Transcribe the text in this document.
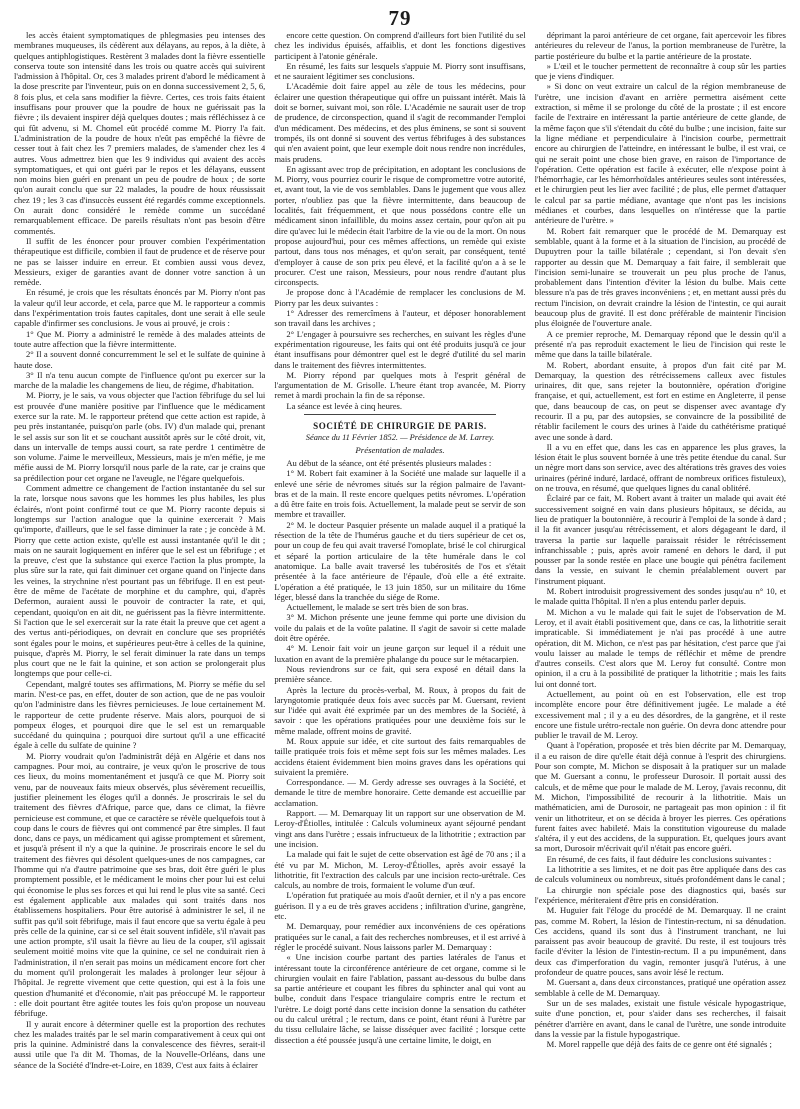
79

les accès étaient symptomatiques de phlegmasies peu intenses des membranes muqueuses, ils cédèrent aux délayans, au repos, à la diète, à quelques antiphlogistiques. Restèrent 3 malades dont la fièvre essentielle conserva toute son intensité dans les trois ou quatre accès qui suivirent l'admission à l'hôpital. Or, ces 3 malades prirent d'abord le médicament à la dose prescrite par l'inventeur, puis on en donna successivement 2, 5, 6, 8 fois plus, et cela sans modifier la fièvre. Certes, ces trois faits étaient insuffisans pour prouver que la poudre de houx ne guérissait pas la fièvre ; ils devaient inspirer déjà quelques doutes ; mais réfléchissez à ce qui fût advenu, si M. Chomel eût procédé comme M. Piorry l'a fait. L'administration de la poudre de houx n'eût pas empêché la fièvre de cesser tout à fait chez les 7 premiers malades, de s'amender chez les 4 autres. Vous admettrez bien que les 9 individus qui avaient des accès symptomatiques, et qui ont guéri par le repos et les délayans, eussent non moins bien guéri en prenant un peu de poudre de houx ; de sorte qu'on aurait conclu que sur 22 malades, la poudre de houx réussissait chez 19 ; les 3 cas d'insuccès eussent été regardés comme exceptionnels. On aurait donc considéré le remède comme un succédané remarquablement efficace. De pareils résultats n'ont pas besoin d'être commentés.

Il suffit de les énoncer pour prouver combien l'expérimentation thérapeutique est difficile, combien il faut de prudence et de réserve pour ne pas se laisser induire en erreur. Et combien aussi vous devez, Messieurs, exiger de garanties avant de donner votre sanction à un remède.

En résumé, je crois que les résultats énoncés par M. Piorry n'ont pas la valeur qu'il leur accorde, et cela, parce que M. le rapporteur a commis dans l'expérimentation trois fautes capitales, dont une serait à elle seule capable d'infirmer ses conclusions. Je vous ai prouvé, je crois :

1° Que M. Piorry a administré le remède à des malades atteints de toute autre affection que la fièvre intermittente.

2° Il a souvent donné concurremment le sel et le sulfate de quinine à haute dose.

3° Il n'a tenu aucun compte de l'influence qu'ont pu exercer sur la marche de la maladie les changemens de lieu, de régime, d'habitation.

M. Piorry, je le sais, va vous objecter que l'action fébrifuge du sel lui est prouvée d'une manière positive par l'influence que le médicament exerce sur la rate. M. le rapporteur prétend que cette action est rapide, à peu près instantanée, puisqu'on parle (obs. IV) d'un malade qui, prenant le sel assis sur son lit et se couchant aussitôt après sur le côté droit, vit, dans un intervalle de temps aussi court, sa rate perdre 1 centimètre de son volume. J'aime le merveilleux, Messieurs, mais je m'en méfie, je me méfie aussi de M. Piorry lorsqu'il nous parle de la rate, car je crains que sa prédilection pour cet organe ne l'aveugle, ne l'égare quelquefois.

Comment admettre ce changement de l'action instantanée du sel sur la rate, lorsque nous savons que les hommes les plus habiles, les plus éclairés, n'ont point confirmé tout ce que M. Piorry raconte depuis si longtemps sur l'action analogue que la quinine exercerait ? Mais qu'importe, d'ailleurs, que le sel fasse diminuer la rate ; je concède à M. Piorry que cette action existe, qu'elle est aussi instantanée qu'il le dit ; mais on ne saurait logiquement en inférer que le sel est un fébrifuge ; et la preuve, c'est que la substance qui exerce l'action la plus prompte, la plus sûre sur la rate, qui fait diminuer cet organe quand on l'injecte dans les veines, la strychnine n'est pourtant pas un fébrifuge. Il en est peut-être de même de l'acétate de morphine et du camphre, qui, d'après Defermon, auraient aussi le pouvoir de contracter la rate, et qui, cependant, quoiqu'on en ait dit, ne guérissent pas la fièvre intermittente. Si l'action que le sel exercerait sur la rate était la preuve que cet agent a des vertus anti-périodiques, on devrait en conclure que ses propriétés sont égales pour le moins, et supérieures peut-être à celles de la quinine, puisque, d'après M. Piorry, le sel ferait diminuer la rate dans un temps plus court que ne le fait la quinine, et son action se prolongerait plus longtemps que pour celle-ci.

Cependant, malgré toutes ses affirmations, M. Piorry se méfie du sel marin. N'est-ce pas, en effet, douter de son action, que de ne pas vouloir qu'on l'administre dans les fièvres pernicieuses. Je loue certainement M. le rapporteur de cette prudente réserve. Mais alors, pourquoi de si pompeux éloges, et pourquoi dire que le sel est un remarquable succédané du quinquina ; pourquoi dire surtout qu'il a une efficacité égale à celle du sulfate de quinine ?

M. Piorry voudrait qu'on l'administrât déjà en Algérie et dans nos campagnes. Pour moi, au contraire, je veux qu'on le proscrive de tous ces lieux, du moins momentanément et jusqu'à ce que M. Piorry soit venu, par de nouveaux faits mieux observés, plus sévèrement recueillis, justifier pleinement les éloges qu'il a donnés. Je proscrirais le sel du traitement des fièvres d'Afrique, parce que, dans ce climat, la fièvre pernicieuse est commune, et que ce caractère se révèle quelquefois tout à coup dans le cours de fièvres qui ont commencé par être simples. Il faut donc, dans ce pays, un médicament qui agisse promptement et sûrement, et jusqu'à présent il n'y a que la quinine. Je proscrirais encore le sel du traitement des fièvres qui désolent quelques-unes de nos campagnes, car l'homme qui n'a d'autre patrimoine que ses bras, doit être guéri le plus promptement possible, et le médicament le moins cher pour lui est celui qui économise le plus ses forces et qui lui rend le plus vite sa santé. Ceci est également applicable aux malades qui sont traités dans nos établissemens hospitaliers. Pour être autorisé à administrer le sel, il ne suffit pas qu'il soit fébrifuge, mais il faut encore que sa vertu égale à peu près celle de la quinine, car si ce sel était souvent infidèle, s'il n'avait pas une action prompte, s'il usait la fièvre au lieu de la couper, s'il agissait seulement moitié moins vite que la quinine, ce sel ne conduirait rien à l'administration, il n'en serait pas moins un médicament encore fort cher du moment qu'il prolongerait les malades à prolonger leur séjour à l'hôpital. Je regrette vivement que cette question, qui est à la fois une question d'humanité et d'économie, n'ait pas préoccupé M. le rapporteur : elle doit pourtant être agitée toutes les fois qu'on propose un nouveau fébrifuge.

Il y aurait encore à déterminer quelle est la proportion des rechutes chez les malades traités par le sel marin comparativement à ceux qui ont pris la quinine. Administré dans la convalescence des fièvres, serait-il aussi utile que l'a dit M. Thomas, de la Nouvelle-Orléans, dans une séance de la Société d'Indre-et-Loire, en 1839, C'est aux faits à éclairer

encore cette question. On comprend d'ailleurs fort bien l'utilité du sel chez les individus épuisés, affaiblis, et dont les fonctions digestives participent à l'atonie générale.

En résumé, les faits sur lesquels s'appuie M. Piorry sont insuffisans, et ne sauraient légitimer ses conclusions.

L'Académie doit faire appel au zèle de tous les médecins, pour éclairer une question thérapeutique qui offre un puissant intérêt. Mais là doit se borner, suivant moi, son rôle. L'Académie ne saurait user de trop de prudence, de circonspection, quand il s'agit de recommander l'emploi d'un médicament. Des médecins, et des plus éminens, se sont si souvent trompés, ils ont donné si souvent des vertus fébrifuges à des substances qui n'en avaient point, que leur exemple doit nous rendre non incrédules, mais prudens.

En agissant avec trop de précipitation, en adoptant les conclusions de M. Piorry, vous pourriez courir le risque de compromettre votre autorité, et, avant tout, la vie de vos semblables. Dans le jugement que vous allez porter, n'oubliez pas que la fièvre intermittente, dans beaucoup de localités, fait fréquemment, et que nous possédons contre elle un médicament sinon infaillible, du moins assez certain, pour qu'on ait pu dire qu'avec lui le médecin était l'arbitre de la vie ou de la mort. On nous propose aujourd'hui, pour ces mêmes affections, un remède qui existe partout, dans tous nos ménages, et qu'on serait, par conséquent, tenté d'employer à cause de son prix peu élevé, et la facilité qu'on a à se le procurer. C'est une raison, Messieurs, pour nous rendre d'autant plus circonspects.

Je propose donc à l'Académie de remplacer les conclusions de M. Piorry par les deux suivantes :

1° Adresser des remercîmens à l'auteur, et déposer honorablement son travail dans les archives ;

2° L'engager à poursuivre ses recherches, en suivant les règles d'une expérimentation rigoureuse, les faits qui ont été produits jusqu'à ce jour étant insuffisans pour démontrer quel est le degré d'utilité du sel marin dans le traitement des fièvres intermittentes.

M. Piorry répond par quelques mots à l'esprit général de l'argumentation de M. Grisolle. L'heure étant trop avancée, M. Piorry remet à mardi prochain la fin de sa réponse.

La séance est levée à cinq heures.

SOCIÉTÉ DE CHIRURGIE DE PARIS.
Séance du 11 Février 1852. — Présidence de M. Larrey.
Présentation de malades.

Au début de la séance, ont été présentés plusieurs malades :

1° M. Robert fait examiner à la Société une malade sur laquelle il a enlevé une série de névromes situés sur la région palmaire de l'avant-bras et de la main. Il reste encore quelques petits névromes. L'opération a dû être faite en trois fois. Actuellement, la malade peut se servir de son membre et travailler.

2° M. le docteur Pasquier présente un malade auquel il a pratiqué la résection de la tête de l'humérus gauche et du tiers supérieur de cet os, pour un coup de feu qui avait traversé l'omoplate, brisé le col chirurgical et séparé la portion articulaire de la tête humérale dans le col anatomique. La balle avait traversé les tubérosités de l'os et s'était présentée à la face antérieure de l'épaule, d'où elle a été extraite. L'opération a été pratiquée, le 13 juin 1850, sur un militaire du 16me léger, blessé dans la tranchée du siége de Rome.

Actuellement, le malade se sert très bien de son bras.

3° M. Michon présente une jeune femme qui porte une division du voile du palais et de la voûte palatine. Il s'agit de savoir si cette malade doit être opérée.

4° M. Lenoir fait voir un jeune garçon sur lequel il a réduit une luxation en avant de la première phalange du pouce sur le métacarpien.

Nous reviendrons sur ce fait, qui sera exposé en détail dans la première séance.

Après la lecture du procès-verbal, M. Roux, à propos du fait de laryngotomie pratiquée deux fois avec succès par M. Guersant, revient sur l'idée qui avait été exprimée par un des membres de la Société, à savoir : que les opérations pratiquées pour une deuxième fois sur le même malade, offrent moins de gravité.

M. Roux appuie sur idée, et cite surtout des faits remarquables de taille pratiquée trois fois et même sept fois sur les mêmes malades. Les accidens étaient évidemment bien moins graves dans les opérations qui suivaient la première.

Correspondance. — M. Gerdy adresse ses ouvrages à la Société, et demande le titre de membre honoraire. Cette demande est accueillie par acclamation.

Rapport. — M. Demarquay lit un rapport sur une observation de M. Leroy-d'Étiolles, intitulée : Calculs volumineux ayant séjourné pendant vingt ans dans l'urètre ; essais infructueux de la lithotritie ; extraction par une incision.

La malade qui fait le sujet de cette observation est âgé de 70 ans ; il a été vu par M. Michon, M. Leroy-d'Étiolles, après avoir essayé la lithotritie, fit l'extraction des calculs par une incision recto-urétrale. Ces calculs, au nombre de trois, formaient le volume d'un œuf.

L'opération fut pratiquée au mois d'août dernier, et il n'y a pas encore guérison. Il y a eu de très graves accidens ; infiltration d'urine, gangrène, etc.

M. Demarquay, pour remédier aux inconvéniens de ces opérations pratiquées sur le canal, a fait des recherches nombreuses, et il est arrivé à régler le procédé suivant. Nous laissons parler M. Demarquay :

« Une incision courbe partant des parties latérales de l'anus et intéressant toute la circonférence antérieure de cet organe, comme si le chirurgien voulait en faire l'ablation, passant au-dessous du bulbe dans sa partie antérieure et coupant les fibres du sphincter anal qui vont au bulbe, conduit dans l'espace triangulaire compris entre le rectum et l'urètre. Le doigt porté dans cette incision donne la sensation du cathéter ou du calcul urétral ; le rectum, dans ce point, étant réuni à l'urètre par du tissu cellulaire lâche, se laisse disséquer avec facilité ; lorsque cette dissection a été poussée jusqu'à une certaine limite, le doigt, en

déprimant la paroi antérieure de cet organe, fait apercevoir les fibres antérieures du releveur de l'anus, la portion membraneuse de l'urètre, la partie postérieure du bulbe et la partie antérieure de la prostate.

» L'œil et le toucher permettent de reconnaître à coup sûr les parties que je viens d'indiquer.

» Si donc on veut extraire un calcul de la région membraneuse de l'urètre, une incision d'avant en arrière permettra aisément cette extraction, si même il se prolonge du côté de la prostate ; il est encore facile de l'extraire en intéressant la partie antérieure de cette glande, de la même façon que s'il s'étendait du côté du bulbe ; une incision, faite sur la ligne médiane et perpendiculaire à l'incision courbe, permettrait encore au chirurgien de l'atteindre, en intéressant le bulbe, il est vrai, ce qui ne serait point une chose bien grave, en raison de l'importance de l'opération. Cette opération est facile à exécuter, elle n'expose point à l'hémorrhagie, car les hémorrhoïdales antérieures seules sont intéressées, et le chirurgien peut les lier avec facilité ; de plus, elle permet d'attaquer le calcul par sa partie médiane, avantage que n'ont pas les incisions médianes et courbes, dans lesquelles on n'intéresse que la partie antérieure de l'urètre. »

M. Robert fait remarquer que le procédé de M. Demarquay est semblable, quant à la forme et à la situation de l'incision, au procédé de Dupuytren pour la taille bilatérale ; cependant, si l'on devait s'en rapporter au dessin que M. Demarquay a fait faire, il semblerait que l'incision semi-lunaire se trouverait un peu plus proche de l'anus, probablement dans l'intention d'éviter la lésion du bulbe. Mais cette blessure n'a pas de très graves inconvéniens ; et, en mettant aussi près du rectum l'incision, on devrait craindre la lésion de l'intestin, ce qui aurait beaucoup plus de gravité. Il est donc préférable de maintenir l'incision plus éloignée de l'ouverture anale.

A ce premier reproche, M. Demarquay répond que le dessin qu'il a présenté n'a pas reproduit exactement le lieu de l'incision qui reste le même que dans la taille bilatérale.

M. Robert, abordant ensuite, à propos d'un fait cité par M. Demarquay, la question des rétrécissemens calleux avec fistules urinaires, dit que, sans rejeter la boutonnière, opération d'origine française, et qui, actuellement, est fort en estime en Angleterre, il pense que, dans beaucoup de cas, on peut se dispenser avec avantage d'y recourir. Il a pu, par des autopsies, se convaincre de la possibilité de rétablir facilement le cours des urines à l'aide du cathétérisme pratiqué avec une sonde à dard.

Il a vu en effet que, dans les cas en apparence les plus graves, la lésion était le plus souvent bornée à une très petite étendue du canal. Sur un nègre mort dans son service, avec des altérations très graves des voies urinaires (périné induré, lardacé, offrant de nombreux orifices fistuleux), on ne trouva, en résumé, que quelques lignes du canal oblitéré.

Éclairé par ce fait, M. Robert avant à traiter un malade qui avait été successivement soigné en vain dans plusieurs hôpitaux, se décida, au lieu de pratiquer la boutonnière, à recourir à l'emploi de la sonde à dard ; il la fit avancer jusqu'au rétrécissement, et alors dégageant le dard, il traversa la partie sur laquelle paraissait résider le rétrécissement infranchissable ; puis, après avoir ramené en dehors le dard, il put pousser par la sonde restée en place une bougie qui pénétra facilement dans la vessie, en suivant le chemin préalablement ouvert par l'instrument piquant.

M. Robert introduisit progressivement des sondes jusqu'au n° 10, et le malade quitta l'hôpital. Il n'en a plus entendu parler depuis.

M. Michon a vu le malade qui fait le sujet de l'observation de M. Leroy, et il avait établi positivement que, dans ce cas, la lithotritie serait impraticable. Si immédiatement je n'ai pas procédé à une autre opération, dit M. Michon, ce n'est pas par hésitation, c'est parce que j'ai voulu laisser au malade le temps de réfléchir et même de prendre d'autres conseils. C'est alors que M. Leroy fut consulté. Contre mon opinion, il a cru à la possibilité de pratiquer la lithotritie ; mais les faits lui ont donné tort.

Actuellement, au point où en est l'observation, elle est trop incomplète encore pour être définitivement jugée. Le malade a été excessivement mal ; il y a eu des désordres, de la gangrène, et il reste encore une fistule urétro-rectale non guérie. On devra donc attendre pour publier le travail de M. Leroy.

Quant à l'opération, proposée et très bien décrite par M. Demarquay, il a eu raison de dire qu'elle était déjà connue à l'esprit des chirurgiens. Pour son compte, M. Michon se disposait à la pratiquer sur un malade que M. Guersant a connu, le professeur Durosoir. Il portait aussi des calculs, et de même que pour le malade de M. Leroy, j'avais reconnu, dit M. Michon, l'impossibilité de recourir à la lithotritie. Mais un mathématicien, ami de Durosoir, ne partageait pas mon opinion : il fit venir un lithotriteur, et on se décida à broyer les pierres. Ces opérations furent faites avec habileté. Mais la constitution vigoureuse du malade s'altéra, il y eut des accidens, de la suppuration. Et, quelques jours avant sa mort, Durosoir m'écrivait qu'il n'était pas encore guéri.

En résumé, de ces faits, il faut déduire les conclusions suivantes :

La lithotritie a ses limites, et ne doit pas être appliquée dans des cas de calculs volumineux ou nombreux, situés profondément dans le canal ;

La chirurgie non spéciale pose des diagnostics qui, basés sur l'expérience, mériteraient d'être pris en considération.

M. Huguier fait l'éloge du procédé de M. Demarquay. Il ne craint pas, comme M. Robert, la lésion de l'intestin-rectum, ni sa dénudation. Ces accidens, quand ils sont dus à l'instrument tranchant, ne lui paraissent pas avoir beaucoup de gravité. Du reste, il est toujours très facile d'éviter la lésion de l'intestin-rectum. Il a pu impunément, dans deux cas d'imperforation du vagin, remonter jusqu'à l'utérus, à une profondeur de quatre pouces, sans avoir lésé le rectum.

M. Guersant a, dans deux circonstances, pratiqué une opération assez semblable à celle de M. Demarquay.

Sur un de ses malades, existait une fistule vésicale hypogastrique, suite d'une ponction, et, pour s'aider dans ses recherches, il faisait pénétrer d'arrière en avant, dans le canal de l'urètre, une sonde introduite dans la vessie par la fistule hypogastrique.

M. Morel rappelle que déjà des faits de ce genre ont été signalés ;
